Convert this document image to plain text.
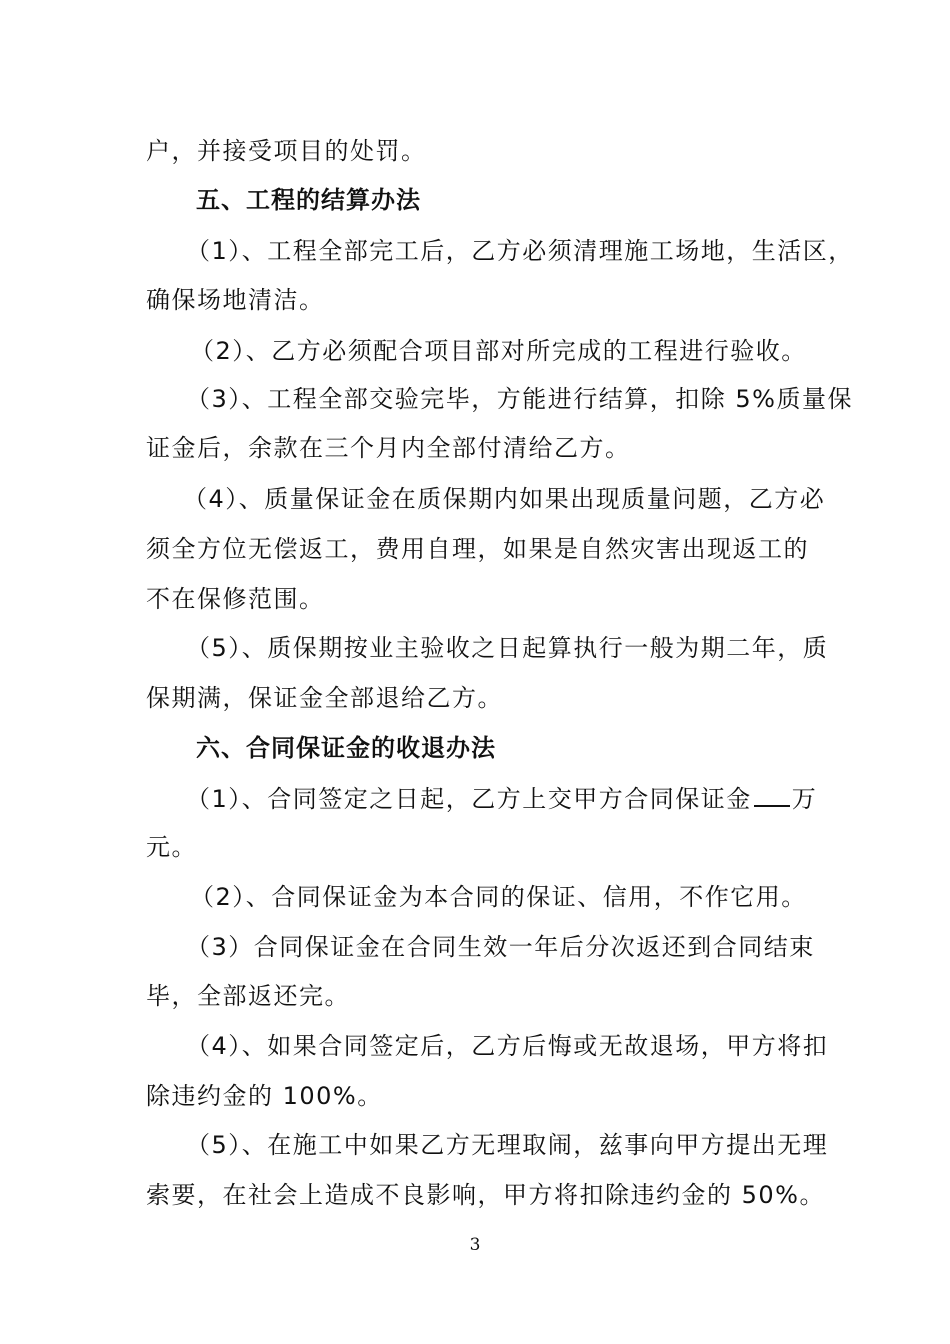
户，并接受项目的处罚。
五、工程的结算办法
（1）、工程全部完工后，乙方必须清理施工场地，生活区，
确保场地清洁。
（2）、乙方必须配合项目部对所完成的工程进行验收。
（3）、工程全部交验完毕，方能进行结算，扣除 5%质量保
证金后，余款在三个月内全部付清给乙方。
（4）、质量保证金在质保期内如果出现质量问题，乙方必
须全方位无偿返工，费用自理，如果是自然灾害出现返工的
不在保修范围。
（5）、质保期按业主验收之日起算执行一般为期二年，质
保期满，保证金全部退给乙方。
六、合同保证金的收退办法
（1）、合同签定之日起，乙方上交甲方合同保证金 万
元。
（2）、合同保证金为本合同的保证、信用，不作它用。
（3）合同保证金在合同生效一年后分次返还到合同结束
毕，全部返还完。
（4）、如果合同签定后，乙方后悔或无故退场，甲方将扣
除违约金的 100%。
（5）、在施工中如果乙方无理取闹，兹事向甲方提出无理
索要，在社会上造成不良影响，甲方将扣除违约金的 50%。
3
